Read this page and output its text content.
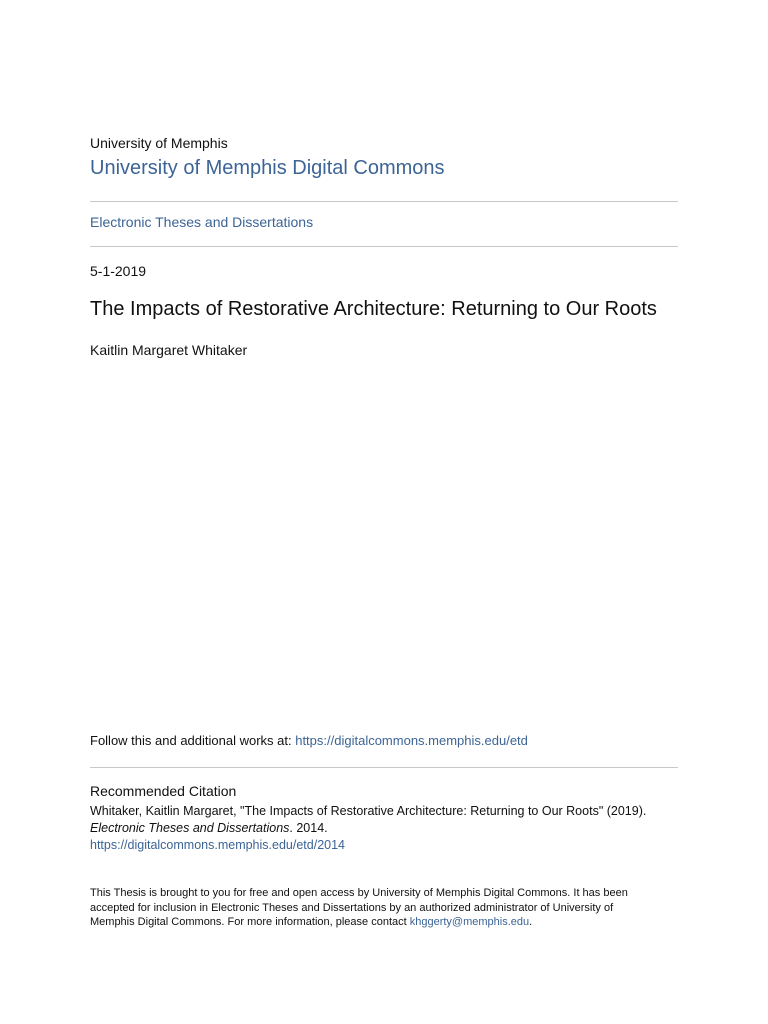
University of Memphis
University of Memphis Digital Commons
Electronic Theses and Dissertations
5-1-2019
The Impacts of Restorative Architecture: Returning to Our Roots
Kaitlin Margaret Whitaker
Follow this and additional works at: https://digitalcommons.memphis.edu/etd
Recommended Citation
Whitaker, Kaitlin Margaret, "The Impacts of Restorative Architecture: Returning to Our Roots" (2019).
Electronic Theses and Dissertations. 2014.
https://digitalcommons.memphis.edu/etd/2014
This Thesis is brought to you for free and open access by University of Memphis Digital Commons. It has been
accepted for inclusion in Electronic Theses and Dissertations by an authorized administrator of University of
Memphis Digital Commons. For more information, please contact khggerty@memphis.edu.
